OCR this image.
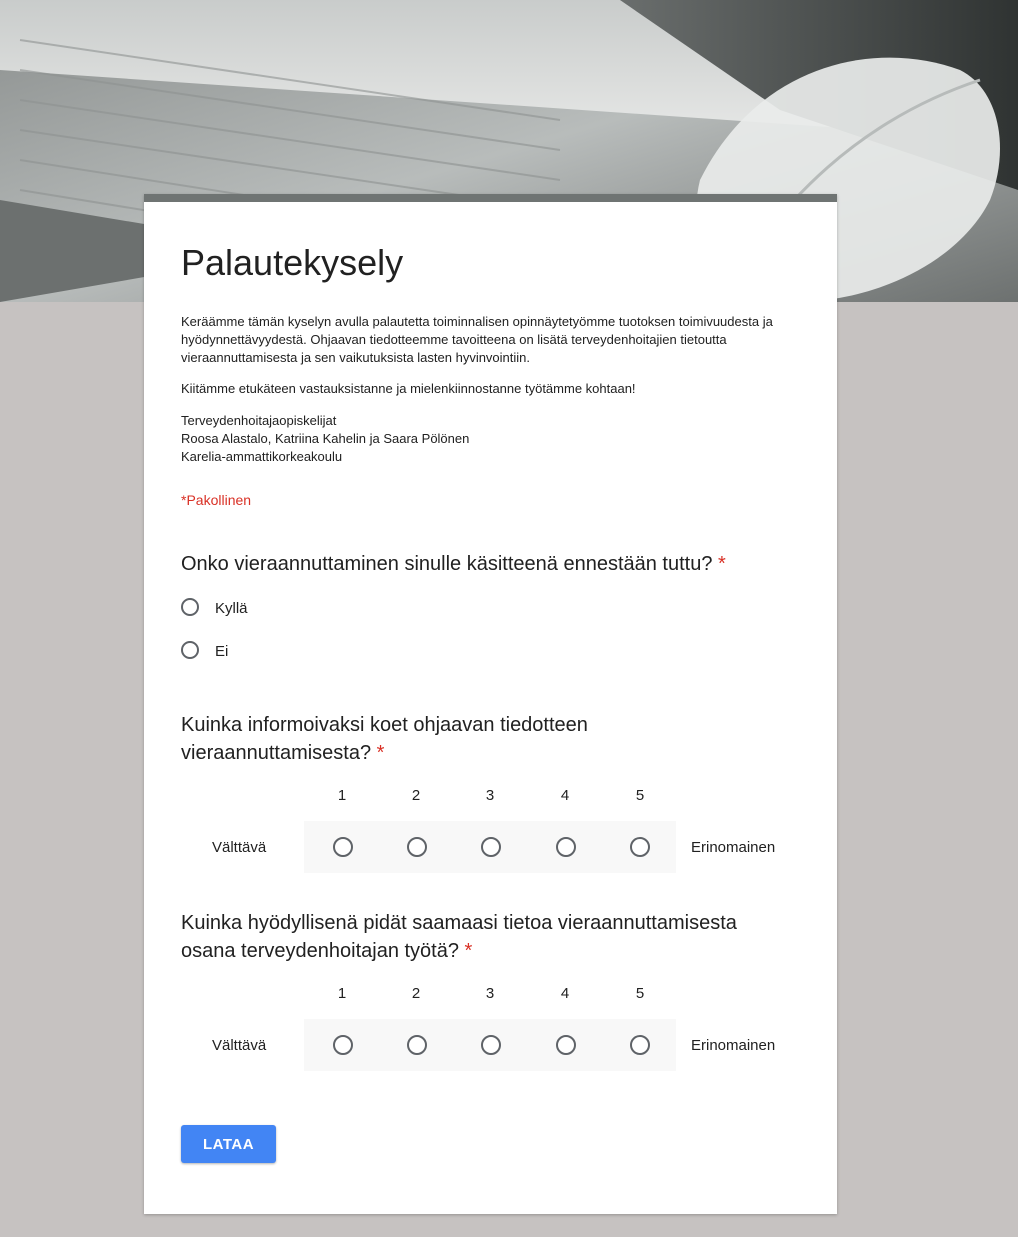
Palautekysely

Keräämme tämän kyselyn avulla palautetta toiminnalisen opinnäytetyömme tuotoksen toimivuudesta ja hyödynnettävyydestä. Ohjaavan tiedotteemme tavoitteena on lisätä terveydenhoitajien tietoutta vieraannuttamisesta ja sen vaikutuksista lasten hyvinvointiin.

Kiitämme etukäteen vastauksistanne ja mielenkiinnostanne työtämme kohtaan!

Terveydenhoitajaopiskelijat
Roosa Alastalo, Katriina Kahelin ja Saara Pölönen
Karelia-ammattikorkeakoulu
*Pakollinen
Onko vieraannuttaminen sinulle käsitteenä ennestään tuttu? *
Kyllä
Ei
Kuinka informoivaksi koet ohjaavan tiedotteen
vieraannuttamisesta? *
1	2	3	4	5
Välttävä	Erinomainen
Kuinka hyödyllisenä pidät saamaasi tietoa vieraannuttamisesta
osana terveydenhoitajan työtä? *
1	2	3	4	5
Välttävä	Erinomainen
LATAA
